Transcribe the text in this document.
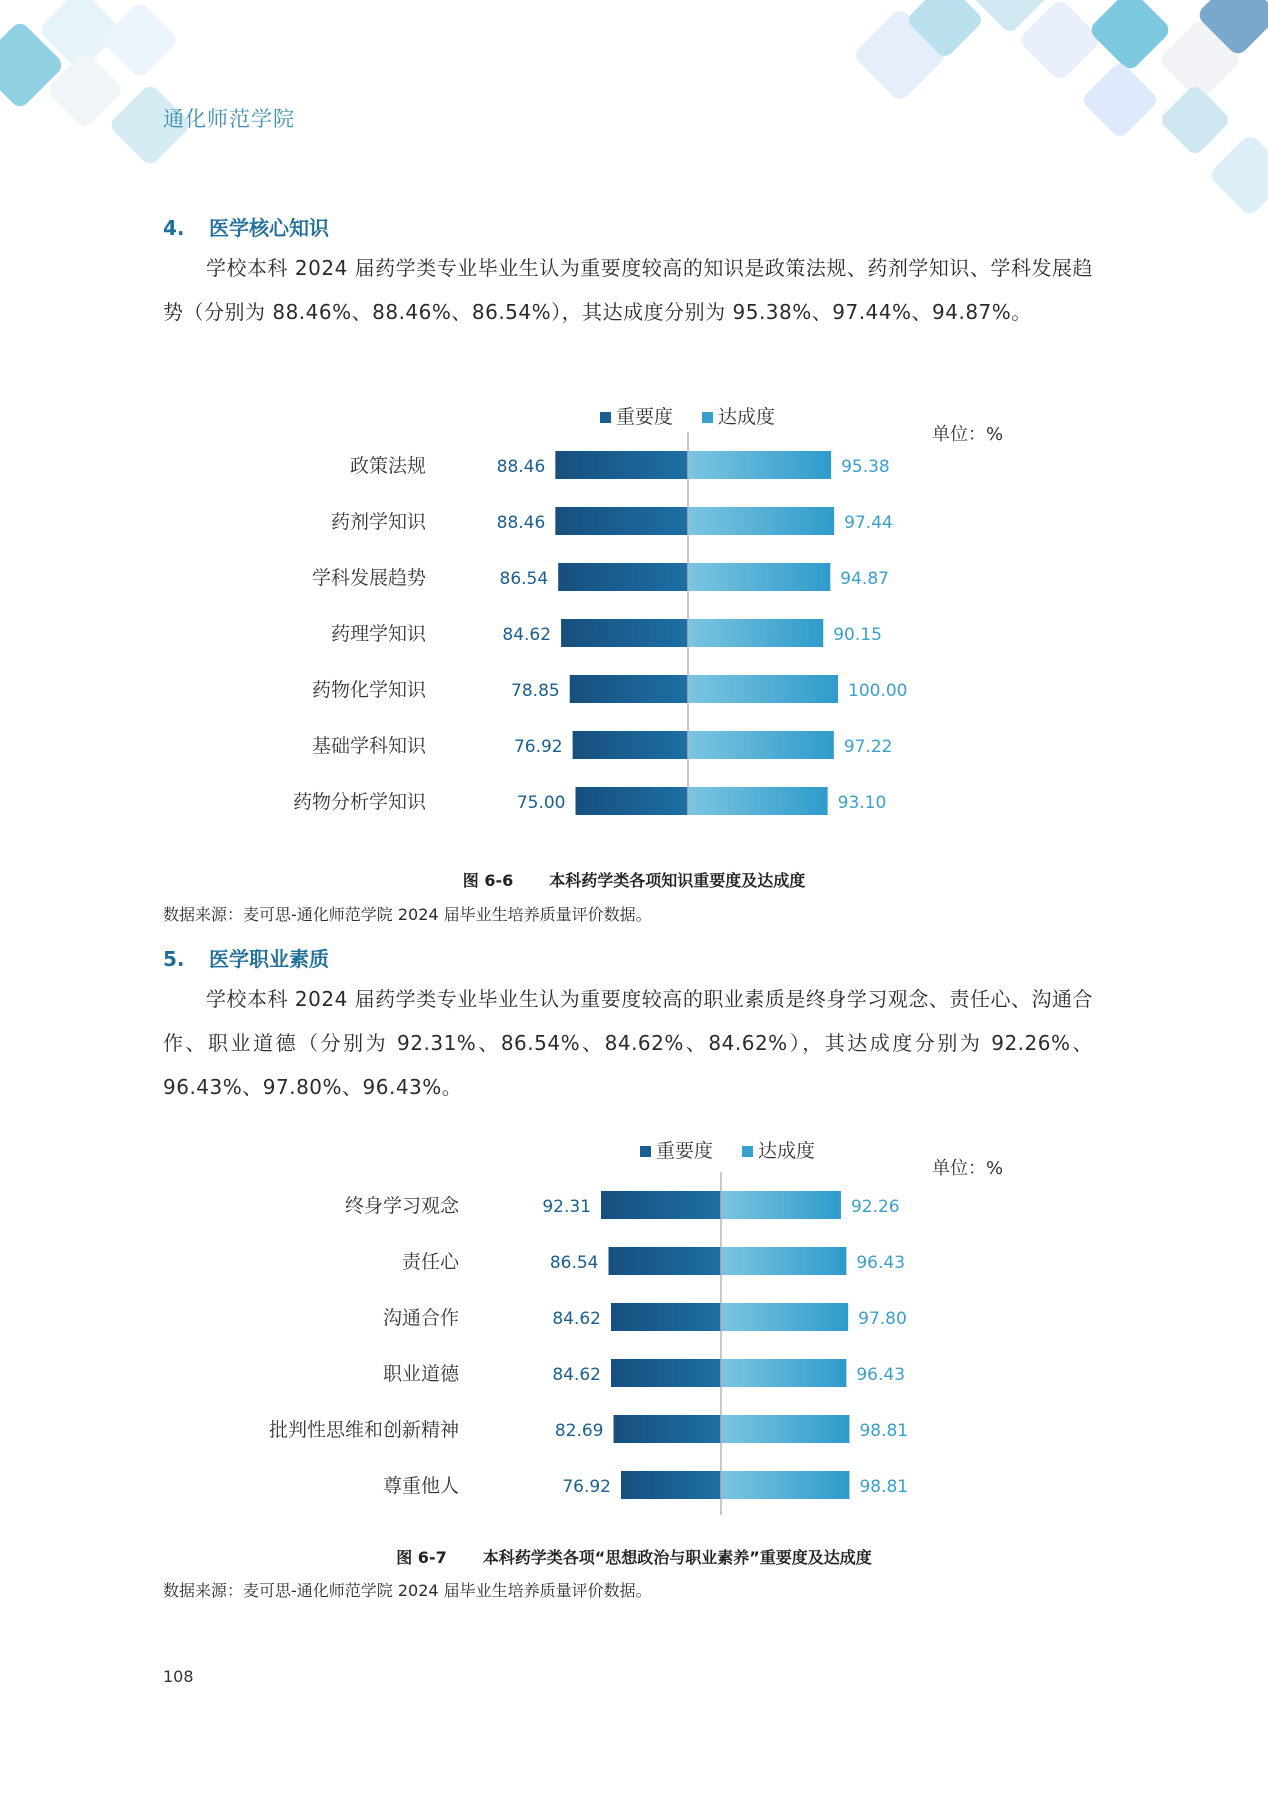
通化师范学院
4. 医学核心知识

学校本科 2024 届药学类专业毕业生认为重要度较高的知识是政策法规、药剂学知识、学科发展趋势（分别为 88.46%、88.46%、86.54%），其达成度分别为 95.38%、97.44%、94.87%。

重要度 达成度
单位：%
政策法规	88.46	95.38
药剂学知识	88.46	97.44
学科发展趋势	86.54	94.87
药理学知识	84.62	90.15
药物化学知识	78.85	100.00
基础学科知识	76.92	97.22
药物分析学知识	75.00	93.10
图 6-6 本科药学类各项知识重要度及达成度
数据来源：麦可思-通化师范学院 2024 届毕业生培养质量评价数据。
5. 医学职业素质

学校本科 2024 届药学类专业毕业生认为重要度较高的职业素质是终身学习观念、责任心、沟通合作、职业道德（分别为 92.31%、86.54%、84.62%、84.62%），其达成度分别为 92.26%、96.43%、97.80%、96.43%。

重要度 达成度
单位：%
终身学习观念	92.31	92.26
责任心	86.54	96.43
沟通合作	84.62	97.80
职业道德	84.62	96.43
批判性思维和创新精神	82.69	98.81
尊重他人	76.92	98.81
图 6-7 本科药学类各项“思想政治与职业素养”重要度及达成度
数据来源：麦可思-通化师范学院 2024 届毕业生培养质量评价数据。
108
